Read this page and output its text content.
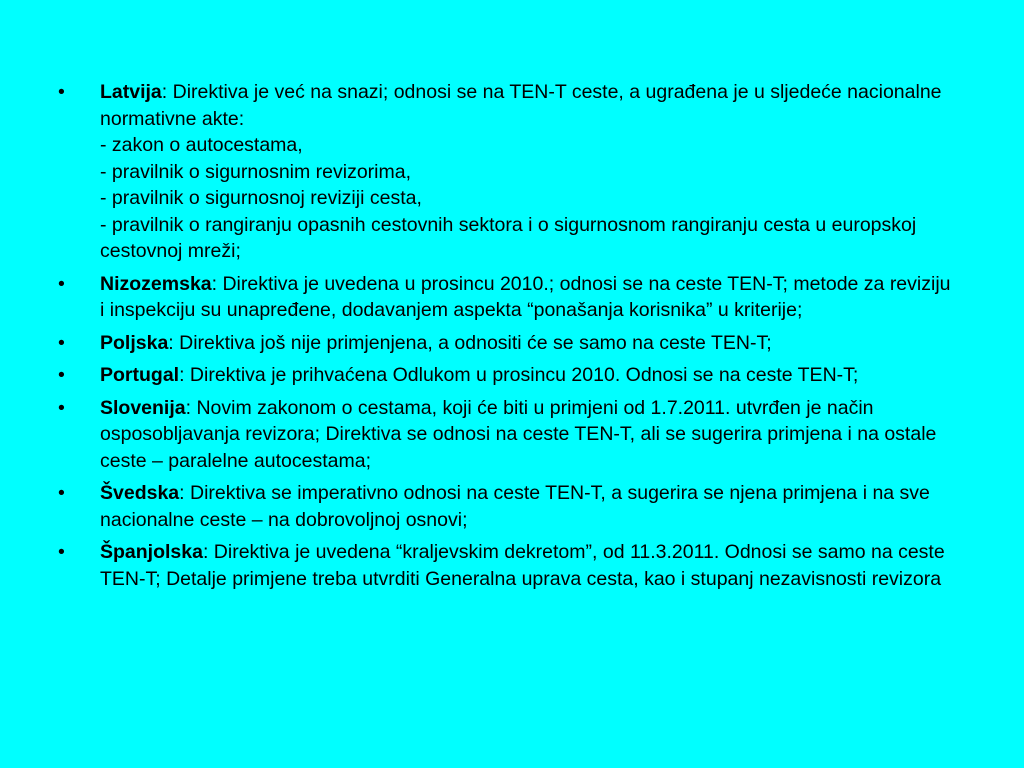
•	Latvija: Direktiva je već na snazi; odnosi se na TEN-T ceste, a ugrađena je u sljedeće nacionalne normativne akte:
- zakon o autocestama,
- pravilnik o sigurnosnim revizorima,
- pravilnik o sigurnosnoj reviziji cesta,
- pravilnik o rangiranju opasnih cestovnih sektora i o sigurnosnom rangiranju cesta u europskoj cestovnoj mreži;
•	Nizozemska: Direktiva je uvedena u prosincu 2010.; odnosi se na ceste TEN-T; metode za reviziju i inspekciju su unapređene, dodavanjem aspekta “ponašanja korisnika” u kriterije;
•	Poljska: Direktiva još nije primjenjena, a odnositi će se samo na ceste TEN-T;
•	Portugal: Direktiva je prihvaćena Odlukom u prosincu 2010. Odnosi se na ceste TEN-T;
•	Slovenija: Novim zakonom o cestama, koji će biti u primjeni od 1.7.2011. utvrđen je način osposobljavanja revizora; Direktiva se odnosi na ceste TEN-T, ali se sugerira primjena i na ostale ceste – paralelne autocestama;
•	Švedska: Direktiva se imperativno odnosi na ceste TEN-T, a sugerira se njena primjena i na sve nacionalne ceste – na dobrovoljnoj osnovi;
•	Španjolska: Direktiva je uvedena “kraljevskim dekretom”, od 11.3.2011. Odnosi se samo na ceste TEN-T; Detalje primjene treba utvrditi Generalna uprava cesta, kao i stupanj nezavisnosti revizora
